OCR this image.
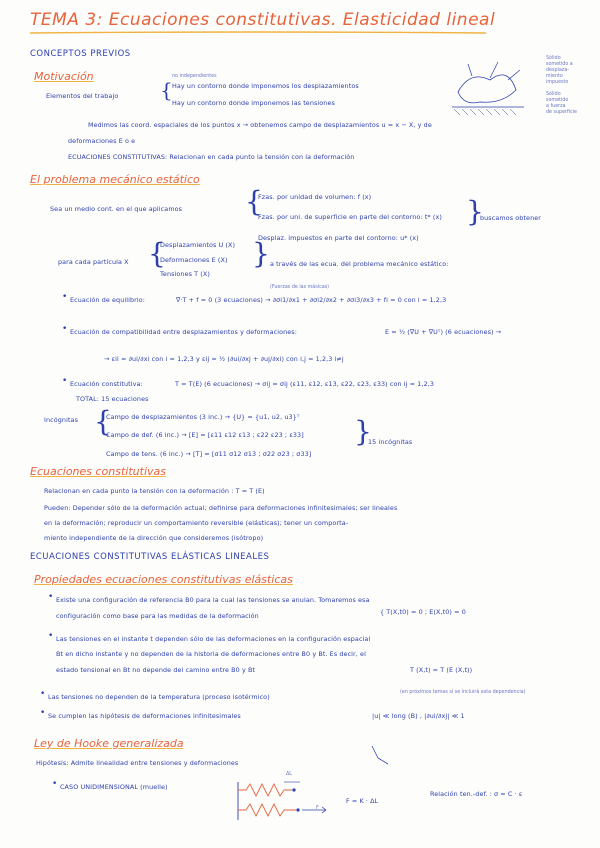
TEMA 3: Ecuaciones constitutivas. Elasticidad lineal
CONCEPTOS PREVIOS
Motivación
Elementos del trabajo
no independientes
{ Hay un contorno donde imponemos los desplazamientos
Hay un contorno donde imponemos las tensiones
Sólido
sometido a
desplaza-
miento
impuesto
Sólido
sometido
a fuerza
de superficie
Medimos las coord. espaciales de los puntos x → obtenemos campo de desplazamientos u = x − X, y de
deformaciones E o e
ECUACIONES CONSTITUTIVAS: Relacionan en cada punto la tensión con la deformación
El problema mecánico estático
Sea un medio cont. en el que aplicamos {
Fzas. por unidad de volumen: f (x)
Fzas. por uni. de superficie en parte del contorno: t* (x)
Desplaz. impuestos en parte del contorno: u* (x)
}
buscamos obtener
para cada partícula X {
Desplazamientos U (X)
Deformaciones E (X)
Tensiones T (X)
} a través de las ecua. del problema mecánico estático:
(Fuerzas de las másicas)
• Ecuación de equilibrio:	∇·T + f = 0 (3 ecuaciones) → ∂σi1/∂x1 + ∂σi2/∂x2 + ∂σi3/∂x3 + fi = 0 con i = 1,2,3
• Ecuación de compatibilidad entre desplazamientos y deformaciones:	E = ½ (∇U + ∇Uᵀ) (6 ecuaciones) →
→ εii = ∂ui/∂xi con i = 1,2,3 y εij = ½ (∂ui/∂xj + ∂uj/∂xi) con i,j = 1,2,3 i≠j
• Ecuación constitutiva:	T = T(E) (6 ecuaciones) → σij = σij (ε11, ε12, ε13, ε22, ε23, ε33) con ij = 1,2,3
TOTAL: 15 ecuaciones
Incógnitas {
Campo de desplazamientos (3 inc.) → {U} = {u1, u2, u3}ᵀ
Campo de def. (6 inc.) → [E] = [ε11 ε12 ε13 ; ε22 ε23 ; ε33]
Campo de tens. (6 inc.) → [T] = [σ11 σ12 σ13 ; σ22 σ23 ; σ33]
}
15 incógnitas
Ecuaciones constitutivas
Relacionan en cada punto la tensión con la deformación : T = T (E)
Pueden: Depender sólo de la deformación actual; definirse para deformaciones infinitesimales; ser lineales
en la deformación; reproducir un comportamiento reversible (elásticas); tener un comporta-
miento independiente de la dirección que consideremos (isótropo)
ECUACIONES CONSTITUTIVAS ELÁSTICAS LINEALES
Propiedades ecuaciones constitutivas elásticas
• Existe una configuración de referencia B0 para la cual las tensiones se anulan. Tomaremos esa
configuración como base para las medidas de la deformación	{ T(X,t0) = 0 ; E(X,t0) = 0
• Las tensiones en el instante t dependen sólo de las deformaciones en la configuración espacial
Bt en dicho instante y no dependen de la historia de deformaciones entre B0 y Bt. Es decir, el
estado tensional en Bt no depende del camino entre B0 y Bt	T (X,t) = T (E (X,t))
• Las tensiones no dependen de la temperatura (proceso isotérmico)
(en próximos temas sí se incluirá esta dependencia)
• Se cumplen las hipótesis de deformaciones infinitesimales	|u| ≪ long (B) , |∂ui/∂xj| ≪ 1
Ley de Hooke generalizada
Hipótesis: Admite linealidad entre tensiones y deformaciones
• CASO UNIDIMENSIONAL (muelle)
ΔL
F
F = K · ΔL
Relación ten.-def. : σ = C · ε
